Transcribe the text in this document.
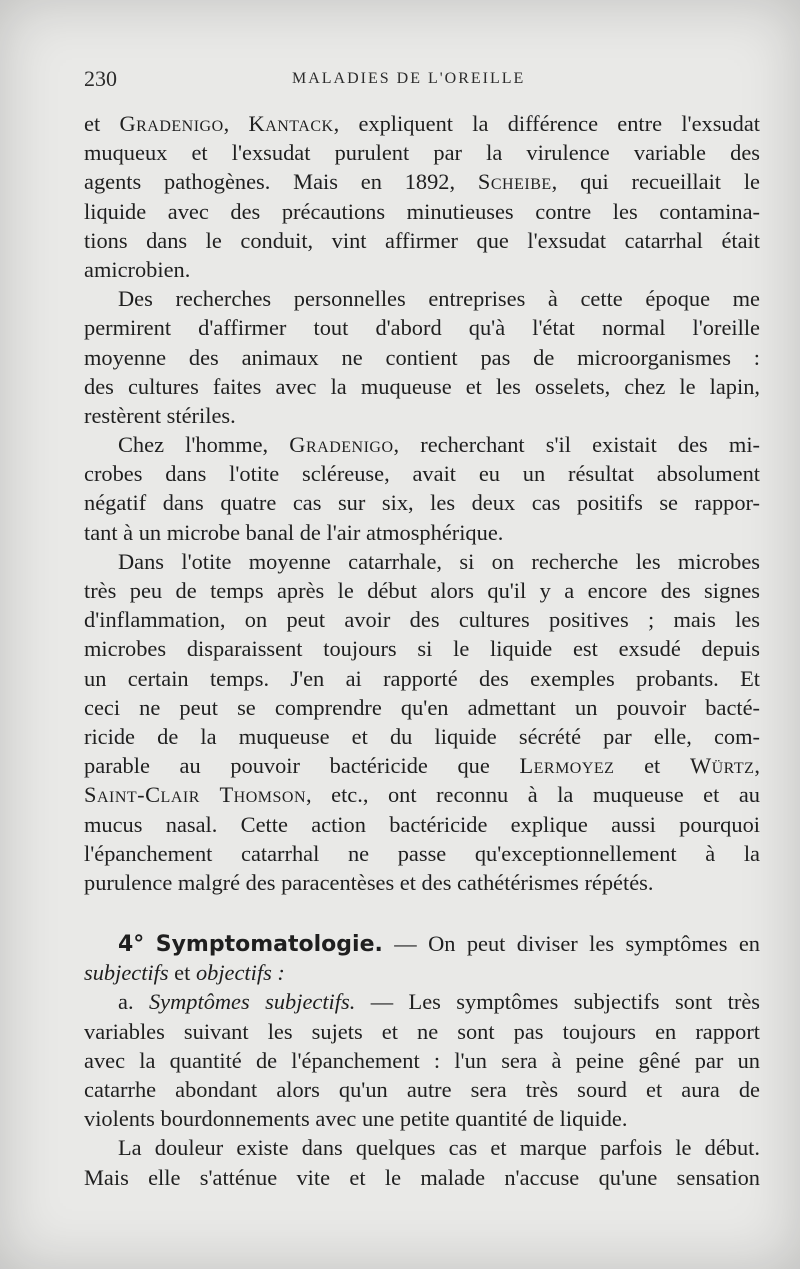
230	MALADIES DE L'OREILLE
et Gradenigo, Kantack, expliquent la différence entre l'exsudat
muqueux et l'exsudat purulent par la virulence variable des
agents pathogènes. Mais en 1892, Scheibe, qui recueillait le
liquide avec des précautions minutieuses contre les contamina-
tions dans le conduit, vint affirmer que l'exsudat catarrhal était
amicrobien.
Des recherches personnelles entreprises à cette époque me
permirent d'affirmer tout d'abord qu'à l'état normal l'oreille
moyenne des animaux ne contient pas de microorganismes :
des cultures faites avec la muqueuse et les osselets, chez le lapin,
restèrent stériles.
Chez l'homme, Gradenigo, recherchant s'il existait des mi-
crobes dans l'otite scléreuse, avait eu un résultat absolument
négatif dans quatre cas sur six, les deux cas positifs se rappor-
tant à un microbe banal de l'air atmosphérique.
Dans l'otite moyenne catarrhale, si on recherche les microbes
très peu de temps après le début alors qu'il y a encore des signes
d'inflammation, on peut avoir des cultures positives ; mais les
microbes disparaissent toujours si le liquide est exsudé depuis
un certain temps. J'en ai rapporté des exemples probants. Et
ceci ne peut se comprendre qu'en admettant un pouvoir bacté-
ricide de la muqueuse et du liquide sécrété par elle, com-
parable au pouvoir bactéricide que Lermoyez et Würtz,
Saint-Clair Thomson, etc., ont reconnu à la muqueuse et au
mucus nasal. Cette action bactéricide explique aussi pourquoi
l'épanchement catarrhal ne passe qu'exceptionnellement à la
purulence malgré des paracentèses et des cathétérismes répétés.
4° Symptomatologie. — On peut diviser les symptômes en
subjectifs et objectifs :
a. Symptômes subjectifs. — Les symptômes subjectifs sont très
variables suivant les sujets et ne sont pas toujours en rapport
avec la quantité de l'épanchement : l'un sera à peine gêné par un
catarrhe abondant alors qu'un autre sera très sourd et aura de
violents bourdonnements avec une petite quantité de liquide.
La douleur existe dans quelques cas et marque parfois le début.
Mais elle s'atténue vite et le malade n'accuse qu'une sensation
